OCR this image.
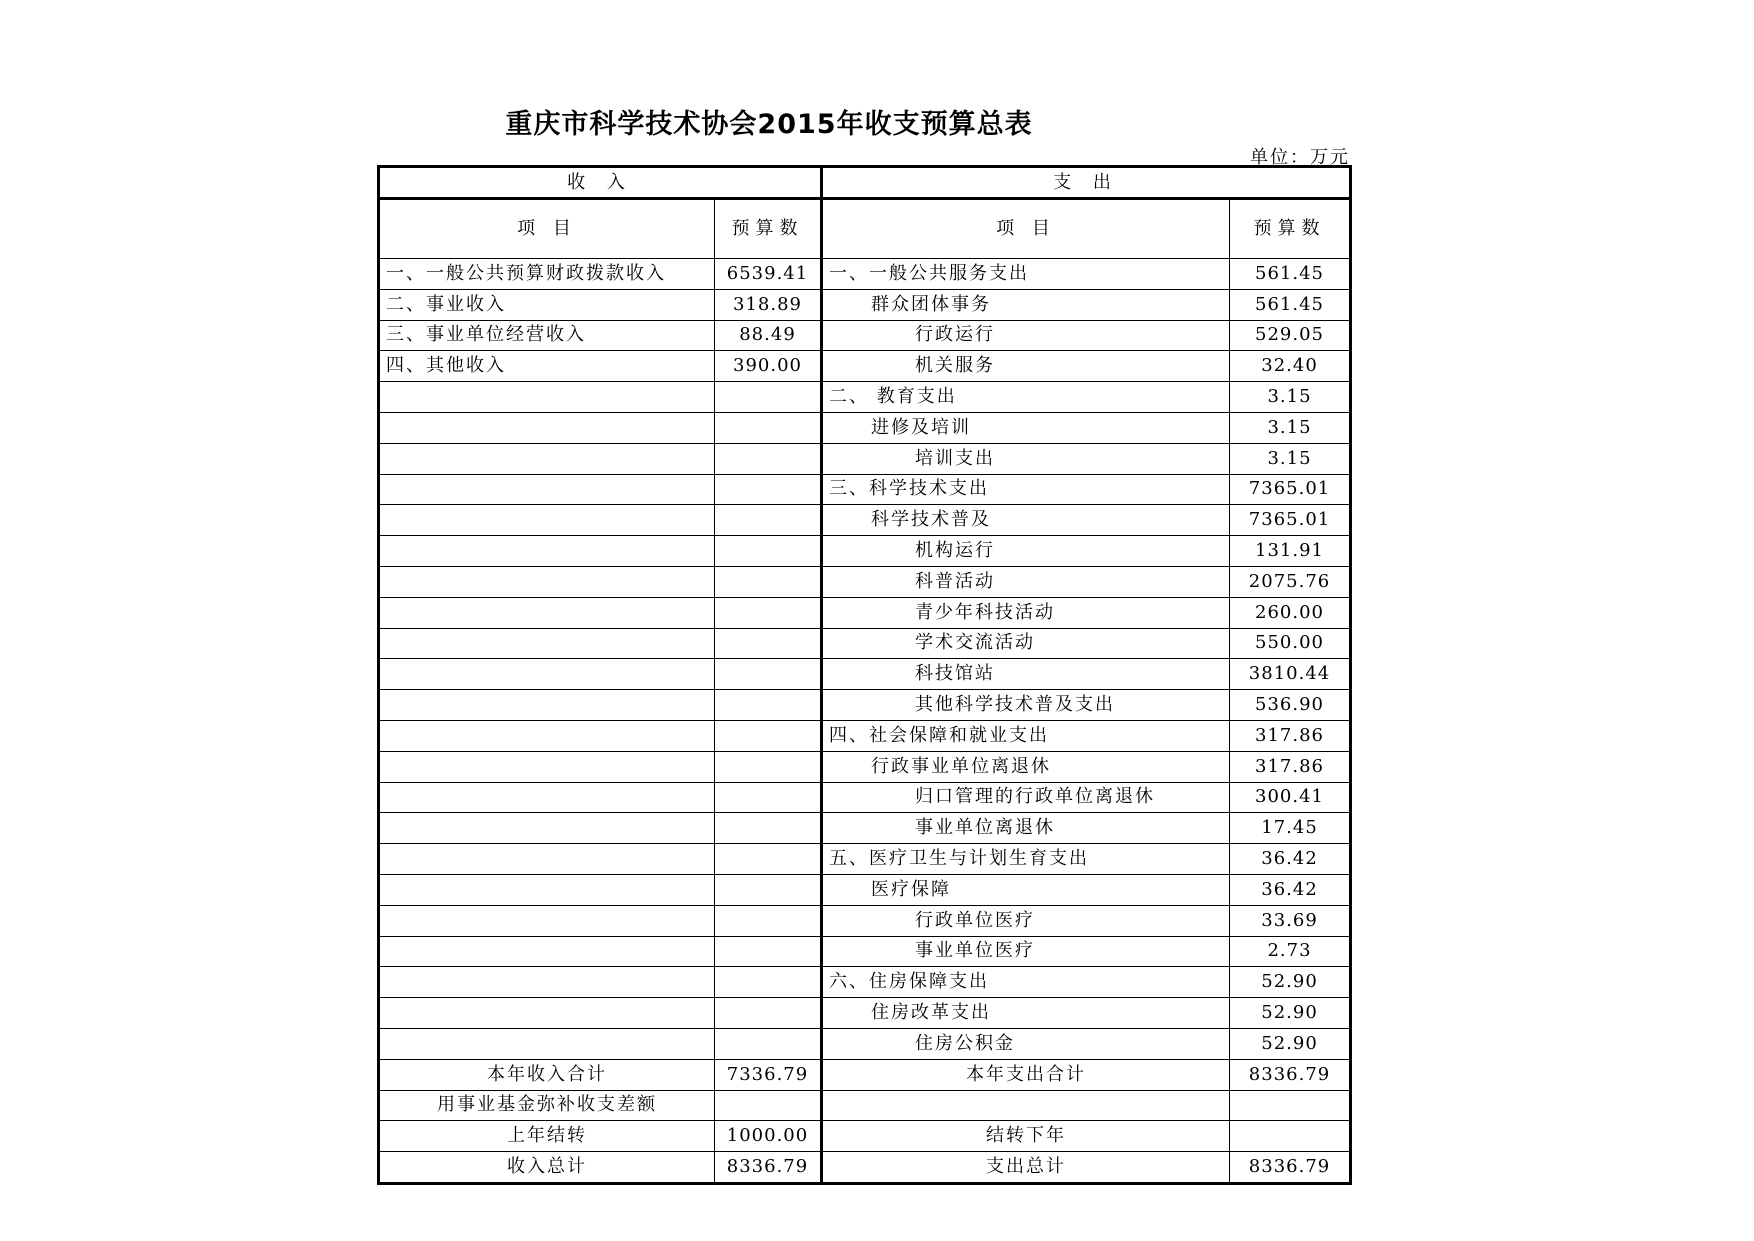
重庆市科学技术协会2015年收支预算总表
单位：万元
收 入		支 出	
项 目	预算数	项 目	预算数
一、一般公共预算财政拨款收入	6539.41	一、一般公共服务支出	561.45
二、事业收入	318.89	群众团体事务	561.45
三、事业单位经营收入	88.49	行政运行	529.05
四、其他收入	390.00	机关服务	32.40
		二、 教育支出	3.15
		进修及培训	3.15
		培训支出	3.15
		三、科学技术支出	7365.01
		科学技术普及	7365.01
		机构运行	131.91
		科普活动	2075.76
		青少年科技活动	260.00
		学术交流活动	550.00
		科技馆站	3810.44
		其他科学技术普及支出	536.90
		四、社会保障和就业支出	317.86
		行政事业单位离退休	317.86
		归口管理的行政单位离退休	300.41
		事业单位离退休	17.45
		五、医疗卫生与计划生育支出	36.42
		医疗保障	36.42
		行政单位医疗	33.69
		事业单位医疗	2.73
		六、住房保障支出	52.90
		住房改革支出	52.90
		住房公积金	52.90
本年收入合计	7336.79	本年支出合计	8336.79
用事业基金弥补收支差额			
上年结转	1000.00	结转下年	
收入总计	8336.79	支出总计	8336.79
